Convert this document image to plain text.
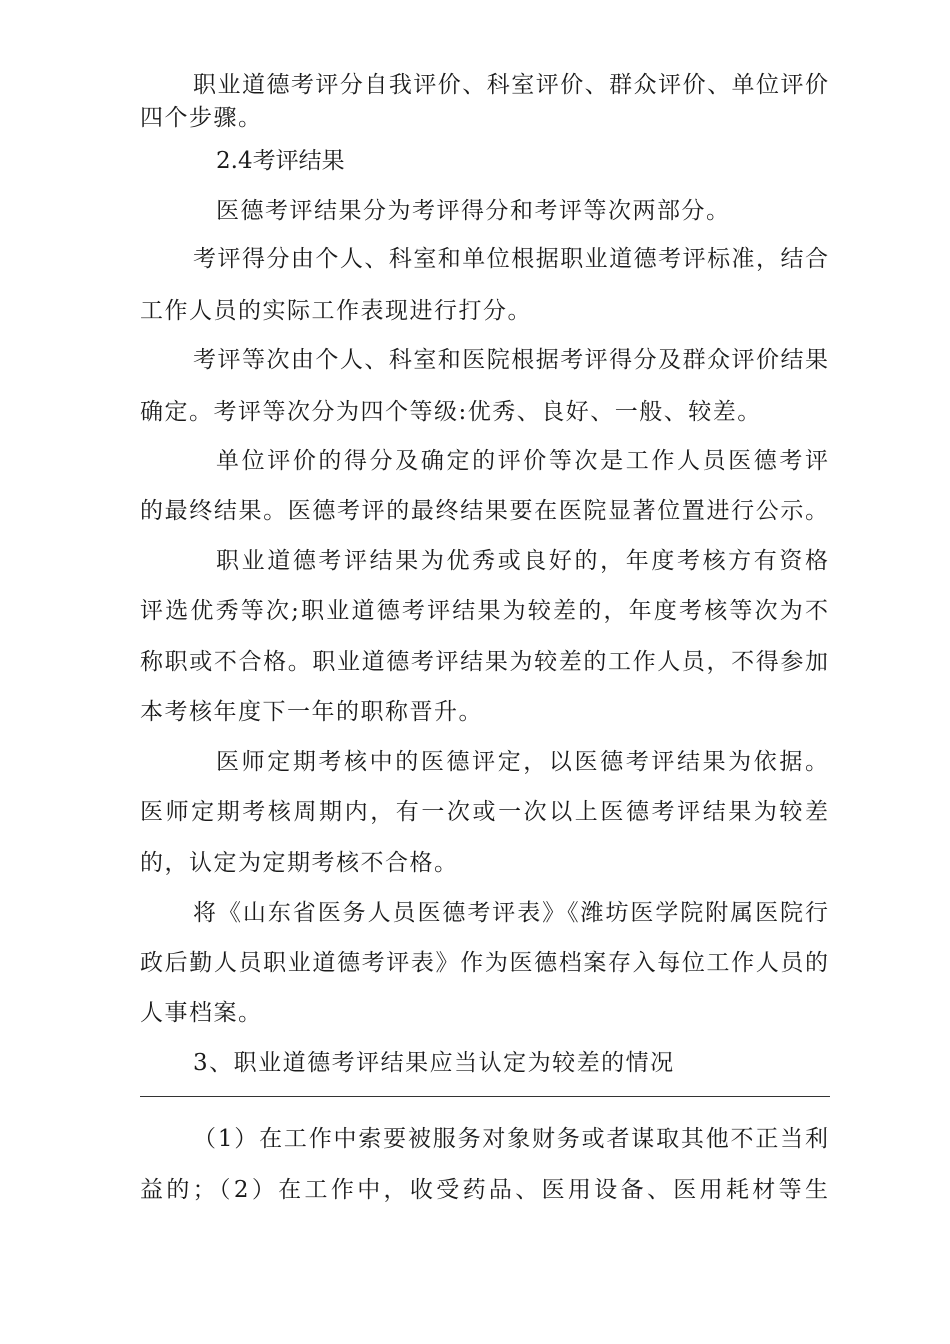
职业道德考评分自我评价、科室评价、群众评价、单位评价
四个步骤。
2.4考评结果
医德考评结果分为考评得分和考评等次两部分。
考评得分由个人、科室和单位根据职业道德考评标准，结合
工作人员的实际工作表现进行打分。
考评等次由个人、科室和医院根据考评得分及群众评价结果
确定。考评等次分为四个等级:优秀、良好、一般、较差。
单位评价的得分及确定的评价等次是工作人员医德考评
的最终结果。医德考评的最终结果要在医院显著位置进行公示。
职业道德考评结果为优秀或良好的，年度考核方有资格
评选优秀等次;职业道德考评结果为较差的，年度考核等次为不
称职或不合格。职业道德考评结果为较差的工作人员，不得参加
本考核年度下一年的职称晋升。
医师定期考核中的医德评定，以医德考评结果为依据。
医师定期考核周期内，有一次或一次以上医德考评结果为较差
的，认定为定期考核不合格。
将《山东省医务人员医德考评表》《潍坊医学院附属医院行
政后勤人员职业道德考评表》作为医德档案存入每位工作人员的
人事档案。
3、职业道德考评结果应当认定为较差的情况
（1）在工作中索要被服务对象财务或者谋取其他不正当利
益的；（2）在工作中，收受药品、医用设备、医用耗材等生
